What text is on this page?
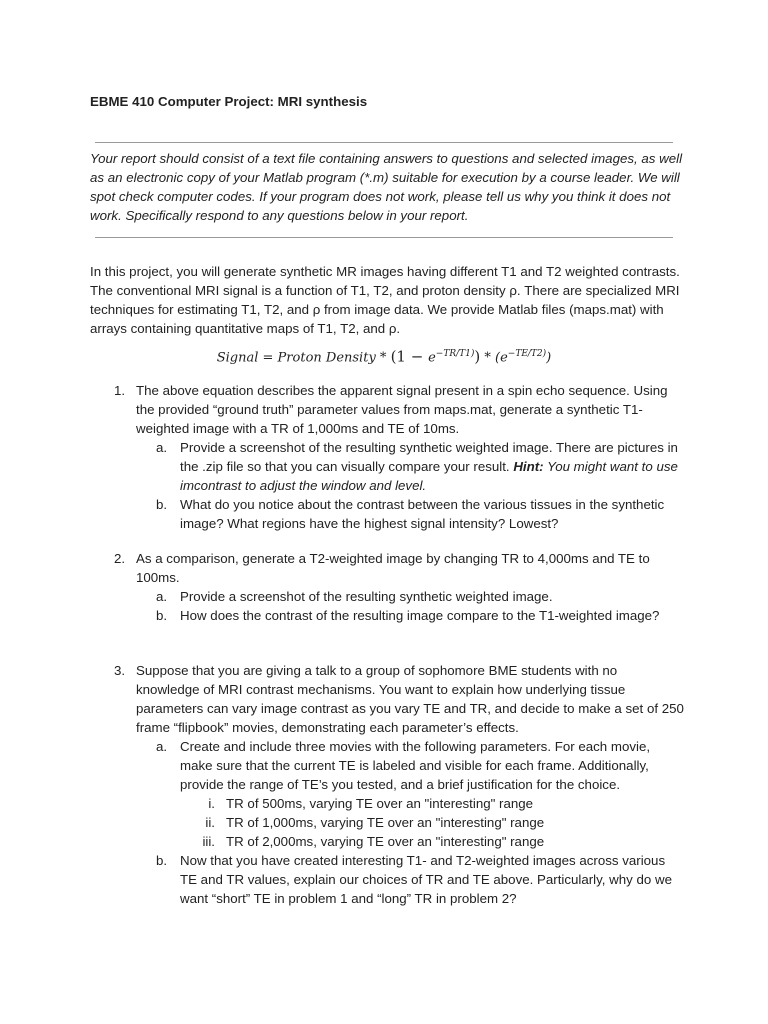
EBME 410 Computer Project: MRI synthesis

Your report should consist of a text file containing answers to questions and selected images, as well as an electronic copy of your Matlab program (*.m) suitable for execution by a course leader. We will spot check computer codes. If your program does not work, please tell us why you think it does not work. Specifically respond to any questions below in your report.

In this project, you will generate synthetic MR images having different T1 and T2 weighted contrasts. The conventional MRI signal is a function of T1, T2, and proton density ρ. There are specialized MRI techniques for estimating T1, T2, and ρ from image data. We provide Matlab files (maps.mat) with arrays containing quantitative maps of T1, T2, and ρ.

Signal = Proton Density * $(1 - e^{-TR/T1)}) * (e^{-TE/T2)})$
1. The above equation describes the apparent signal present in a spin echo sequence. Using the provided “ground truth” parameter values from maps.mat, generate a synthetic T1-weighted image with a TR of 1,000ms and TE of 10ms.

a. Provide a screenshot of the resulting synthetic weighted image. There are pictures in the .zip file so that you can visually compare your result. Hint: You might want to use imcontrast to adjust the window and level.

b. What do you notice about the contrast between the various tissues in the synthetic image? What regions have the highest signal intensity? Lowest?

2. As a comparison, generate a T2-weighted image by changing TR to 4,000ms and TE to 100ms.

a. Provide a screenshot of the resulting synthetic weighted image.

b. How does the contrast of the resulting image compare to the T1-weighted image?

3. Suppose that you are giving a talk to a group of sophomore BME students with no knowledge of MRI contrast mechanisms. You want to explain how underlying tissue parameters can vary image contrast as you vary TE and TR, and decide to make a set of 250 frame “flipbook” movies, demonstrating each parameter’s effects.

a. Create and include three movies with the following parameters. For each movie, make sure that the current TE is labeled and visible for each frame. Additionally, provide the range of TE’s you tested, and a brief justification for the choice.

i. TR of 500ms, varying TE over an "interesting" range

ii. TR of 1,000ms, varying TE over an "interesting" range

iii. TR of 2,000ms, varying TE over an "interesting" range

b. Now that you have created interesting T1- and T2-weighted images across various TE and TR values, explain our choices of TR and TE above. Particularly, why do we want “short” TE in problem 1 and “long” TR in problem 2?
